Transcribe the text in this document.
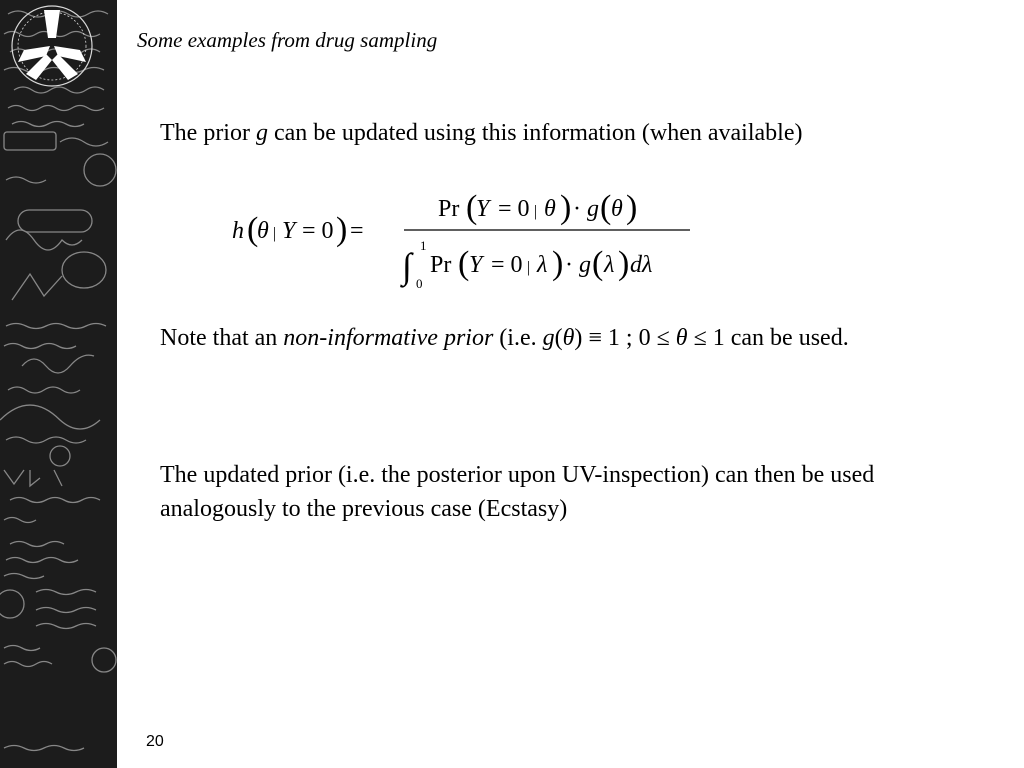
Some examples from drug sampling
The prior g can be updated using this information (when available)
h (
θ | Y = 0 ) =
Pr (
Y = 0 | θ ) · g ( θ )
∫
1
0
Pr ( Y = 0 | λ ) · g ( λ ) dλ
Note that an non-informative prior (i.e. g(θ) ≡ 1 ; 0 ≤ θ ≤ 1 can be used.
The updated prior (i.e. the posterior upon UV-inspection) can then be used analogously to the previous case (Ecstasy)
20
